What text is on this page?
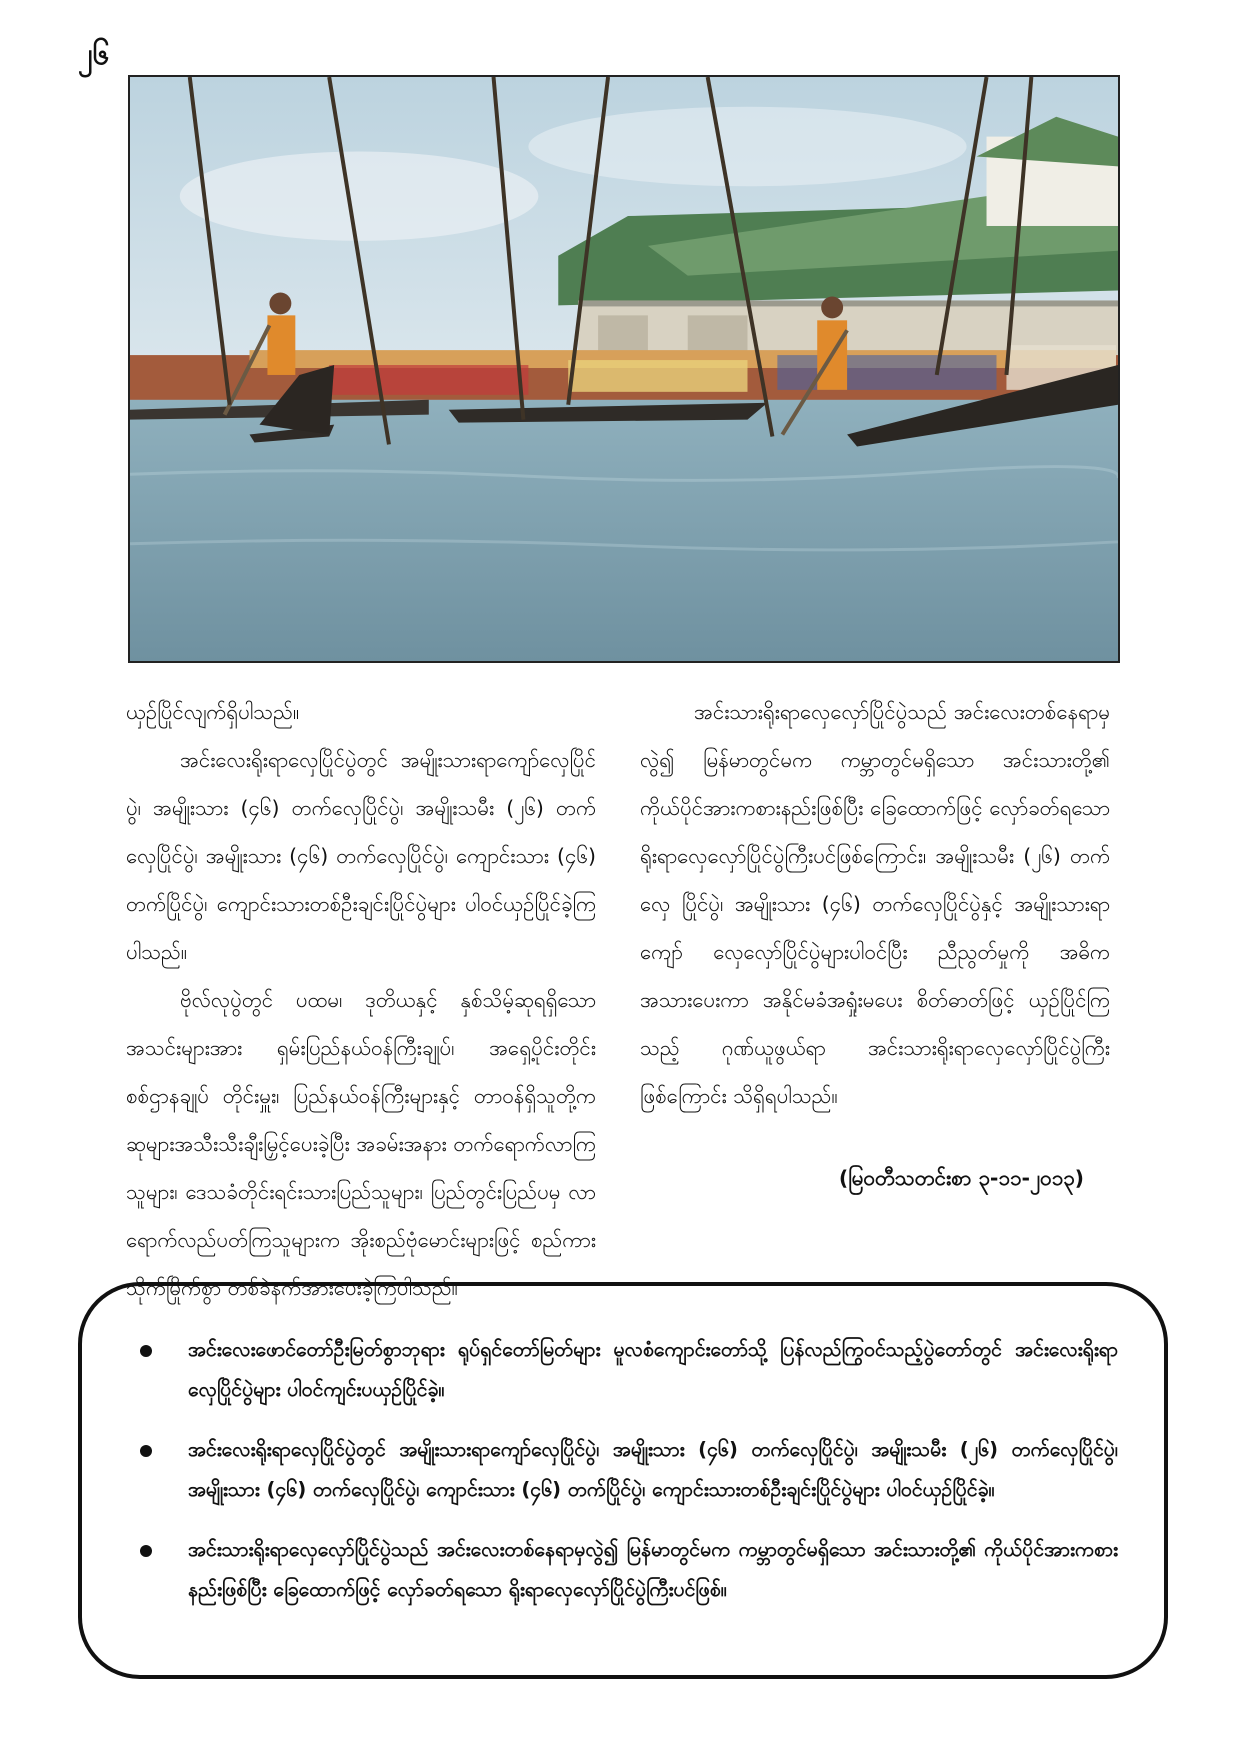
၂၆

ယှဉ်ပြိုင်လျက်ရှိပါသည်။

အင်းလေးရိုးရာလှေပြိုင်ပွဲတွင် အမျိုးသားရာကျော်လှေပြိုင်ပွဲ၊ အမျိုးသား (၄၆) တက်လှေပြိုင်ပွဲ၊ အမျိုးသမီး (၂၆) တက်လှေပြိုင်ပွဲ၊ အမျိုးသား (၄၆) တက်လှေပြိုင်ပွဲ၊ ကျောင်းသား (၄၆) တက်ပြိုင်ပွဲ၊ ကျောင်းသားတစ်ဦးချင်းပြိုင်ပွဲများ ပါဝင်ယှဉ်ပြိုင်ခဲ့ကြပါသည်။

ဗိုလ်လုပွဲတွင် ပထမ၊ ဒုတိယနှင့် နှစ်သိမ့်ဆုရရှိသော အသင်းများအား ရှမ်းပြည်နယ်ဝန်ကြီးချုပ်၊ အရှေ့ပိုင်းတိုင်းစစ်ဌာနချုပ် တိုင်းမှူး၊ ပြည်နယ်ဝန်ကြီးများနှင့် တာဝန်ရှိသူတို့က ဆုများအသီးသီးချီးမြှင့်ပေးခဲ့ပြီး အခမ်းအနား တက်ရောက်လာကြသူများ၊ ဒေသခံတိုင်းရင်းသားပြည်သူများ၊ ပြည်တွင်းပြည်ပမှ လာရောက်လည်ပတ်ကြသူများက အိုးစည်ဗုံမောင်းများဖြင့် စည်ကားသိုက်မြိုက်စွာ တစ်ခဲနက်အားပေးခဲ့ကြပါသည်။

အင်းသားရိုးရာလှေလှော်ပြိုင်ပွဲသည် အင်းလေးတစ်နေရာမှလွဲ၍ မြန်မာတွင်မက ကမ္ဘာတွင်မရှိသော အင်းသားတို့၏ ကိုယ်ပိုင်အားကစားနည်းဖြစ်ပြီး ခြေထောက်ဖြင့် လှော်ခတ်ရသော ရိုးရာလှေလှော်ပြိုင်ပွဲကြီးပင်ဖြစ်ကြောင်း၊ အမျိုးသမီး (၂၆) တက်လှေ ပြိုင်ပွဲ၊ အမျိုးသား (၄၆) တက်လှေပြိုင်ပွဲနှင့် အမျိုးသားရာကျော် လှေလှော်ပြိုင်ပွဲများပါဝင်ပြီး ညီညွတ်မှုကို အဓိကအသားပေးကာ အနိုင်မခံအရှုံးမပေး စိတ်ဓာတ်ဖြင့် ယှဉ်ပြိုင်ကြသည့် ဂုဏ်ယူဖွယ်ရာ အင်းသားရိုးရာလှေလှော်ပြိုင်ပွဲကြီးဖြစ်ကြောင်း သိရှိရပါသည်။

(မြဝတီသတင်းစာ ၃-၁၁-၂၀၁၃)

အင်းလေးဖောင်တော်ဦးမြတ်စွာဘုရား ရုပ်ရှင်တော်မြတ်များ မူလစံကျောင်းတော်သို့ ပြန်လည်ကြွဝင်သည့်ပွဲတော်တွင် အင်းလေးရိုးရာလှေပြိုင်ပွဲများ ပါဝင်ကျင်းပယှဉ်ပြိုင်ခဲ့။
အင်းလေးရိုးရာလှေပြိုင်ပွဲတွင် အမျိုးသားရာကျော်လှေပြိုင်ပွဲ၊ အမျိုးသား (၄၆) တက်လှေပြိုင်ပွဲ၊ အမျိုးသမီး (၂၆) တက်လှေပြိုင်ပွဲ၊ အမျိုးသား (၄၆) တက်လှေပြိုင်ပွဲ၊ ကျောင်းသား (၄၆) တက်ပြိုင်ပွဲ၊ ကျောင်းသားတစ်ဦးချင်းပြိုင်ပွဲများ ပါဝင်ယှဉ်ပြိုင်ခဲ့။
အင်းသားရိုးရာလှေလှော်ပြိုင်ပွဲသည် အင်းလေးတစ်နေရာမှလွဲ၍ မြန်မာတွင်မက ကမ္ဘာတွင်မရှိသော အင်းသားတို့၏ ကိုယ်ပိုင်အားကစားနည်းဖြစ်ပြီး ခြေထောက်ဖြင့် လှော်ခတ်ရသော ရိုးရာလှေလှော်ပြိုင်ပွဲကြီးပင်ဖြစ်။
